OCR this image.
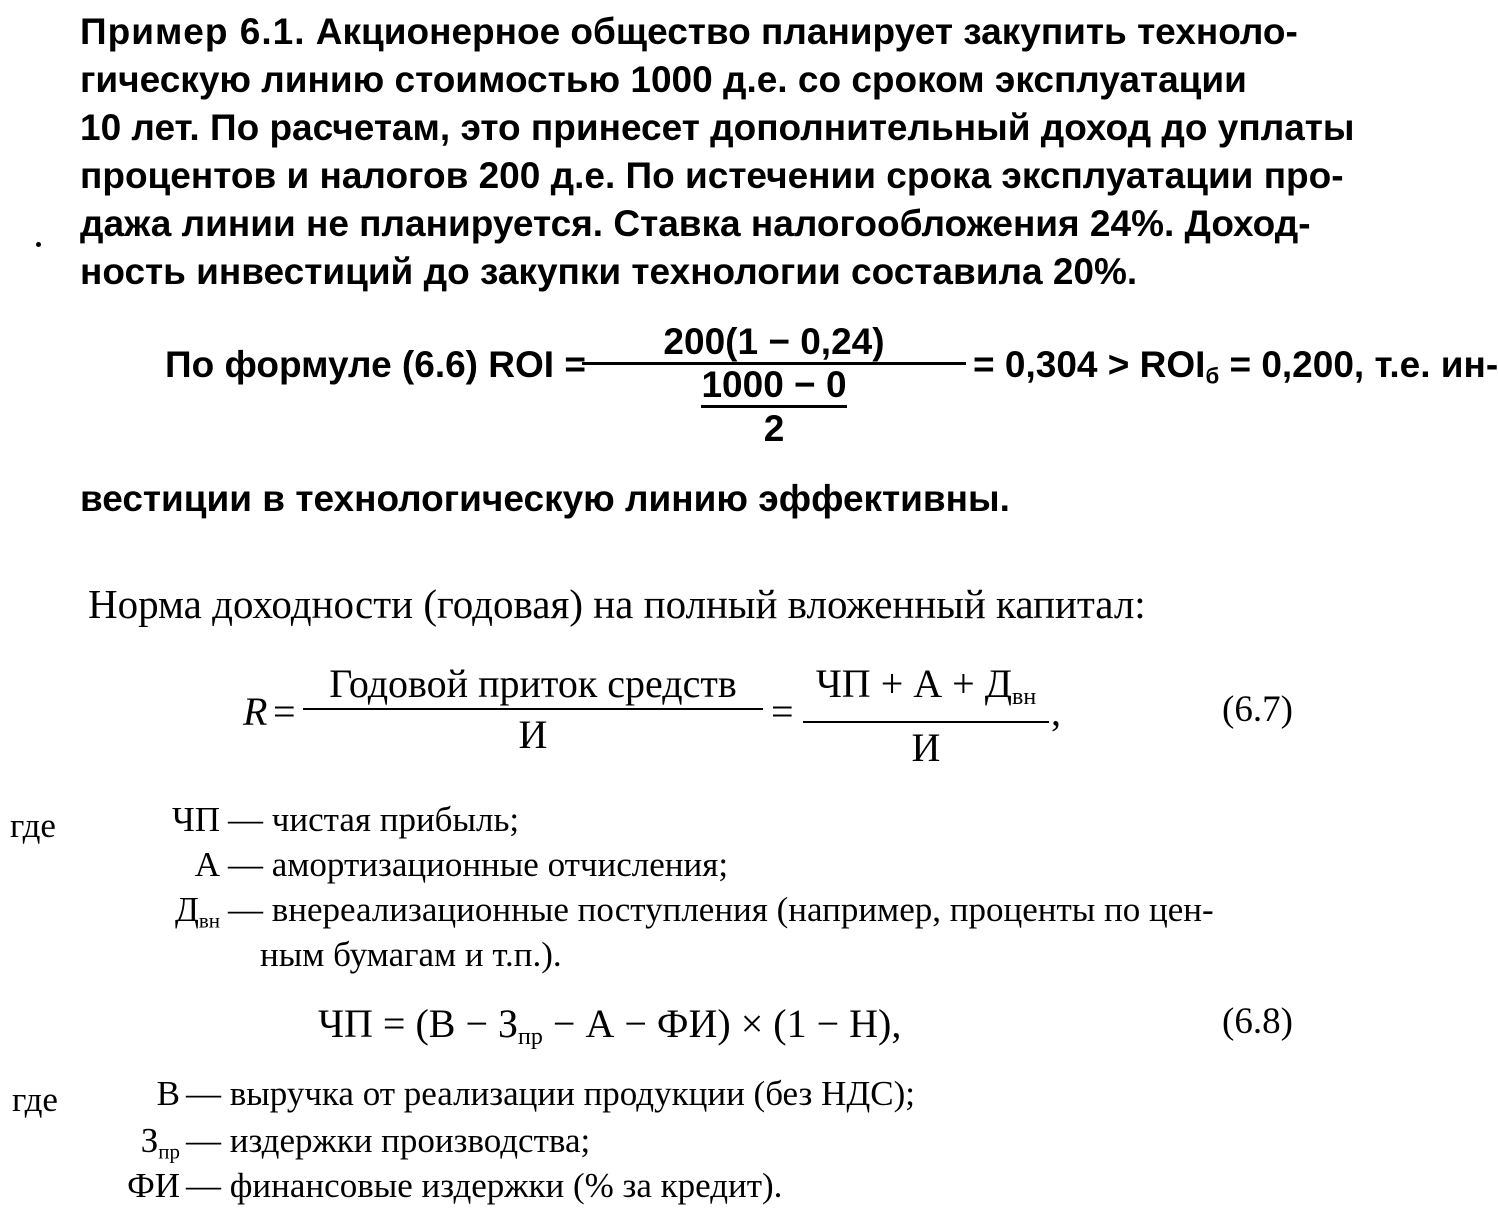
Пример 6.1. Акционерное общество планирует закупить техноло-
гическую линию стоимостью 1000 д.е. со сроком эксплуатации
10 лет. По расчетам, это принесет дополнительный доход до уплаты
процентов и налогов 200 д.е. По истечении срока эксплуатации про-
дажа линии не планируется. Ставка налогообложения 24%. Доход-
ность инвестиций до закупки технологии составила 20%.
По формуле (6.6) ROI =
200(1 − 0,24)
$\frac{1000 - 0}{2}$
= $0,304 > ROI_б = 0,200$, т.е. ин-
вестиции в технологическую линию эффективны.
Норма доходности (годовая) на полный вложенный капитал:
R =
Годовой приток средств
И
=
ЧП + $А + Д_{вн}$
И
,	(6.7)
где	ЧП — чистая прибыль;
А — амортизационные отчисления;
$Д_{вн}$ — внереализационные поступления (например, проценты по цен-
ным бумагам и т.п.).
ЧП = $(В - З_{пр} - А - ФИ) \times (1 - Н)$,	(6.8)
где	В — выручка от реализации продукции (без НДС);
$З_{пр}$ — издержки производства;
ФИ — финансовые издержки (% за кредит).
